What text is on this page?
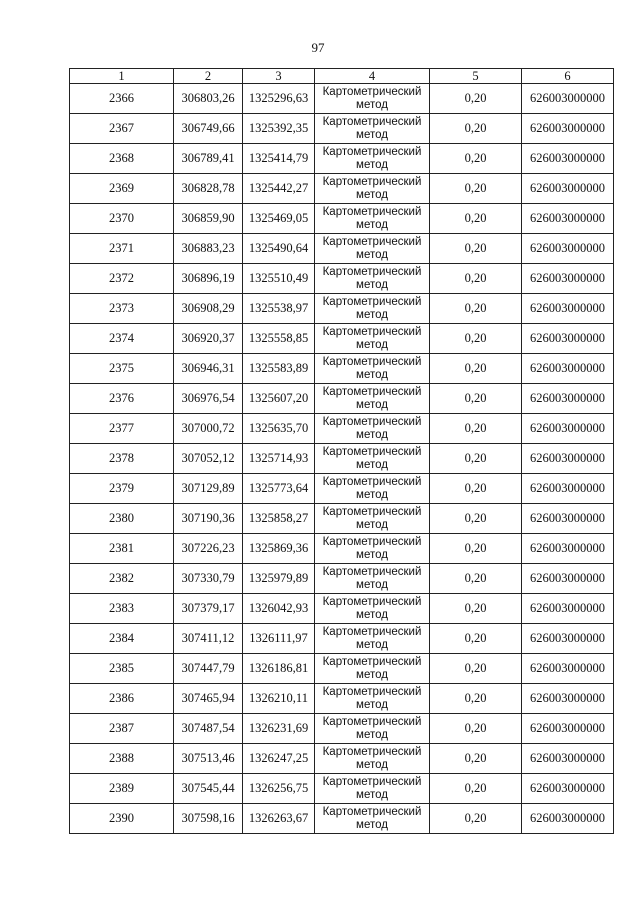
97
1	2	3	4	5	6
2366	306803,26	1325296,63	Картометрический метод	0,20	626003000000
2367	306749,66	1325392,35	Картометрический метод	0,20	626003000000
2368	306789,41	1325414,79	Картометрический метод	0,20	626003000000
2369	306828,78	1325442,27	Картометрический метод	0,20	626003000000
2370	306859,90	1325469,05	Картометрический метод	0,20	626003000000
2371	306883,23	1325490,64	Картометрический метод	0,20	626003000000
2372	306896,19	1325510,49	Картометрический метод	0,20	626003000000
2373	306908,29	1325538,97	Картометрический метод	0,20	626003000000
2374	306920,37	1325558,85	Картометрический метод	0,20	626003000000
2375	306946,31	1325583,89	Картометрический метод	0,20	626003000000
2376	306976,54	1325607,20	Картометрический метод	0,20	626003000000
2377	307000,72	1325635,70	Картометрический метод	0,20	626003000000
2378	307052,12	1325714,93	Картометрический метод	0,20	626003000000
2379	307129,89	1325773,64	Картометрический метод	0,20	626003000000
2380	307190,36	1325858,27	Картометрический метод	0,20	626003000000
2381	307226,23	1325869,36	Картометрический метод	0,20	626003000000
2382	307330,79	1325979,89	Картометрический метод	0,20	626003000000
2383	307379,17	1326042,93	Картометрический метод	0,20	626003000000
2384	307411,12	1326111,97	Картометрический метод	0,20	626003000000
2385	307447,79	1326186,81	Картометрический метод	0,20	626003000000
2386	307465,94	1326210,11	Картометрический метод	0,20	626003000000
2387	307487,54	1326231,69	Картометрический метод	0,20	626003000000
2388	307513,46	1326247,25	Картометрический метод	0,20	626003000000
2389	307545,44	1326256,75	Картометрический метод	0,20	626003000000
2390	307598,16	1326263,67	Картометрический метод	0,20	626003000000
